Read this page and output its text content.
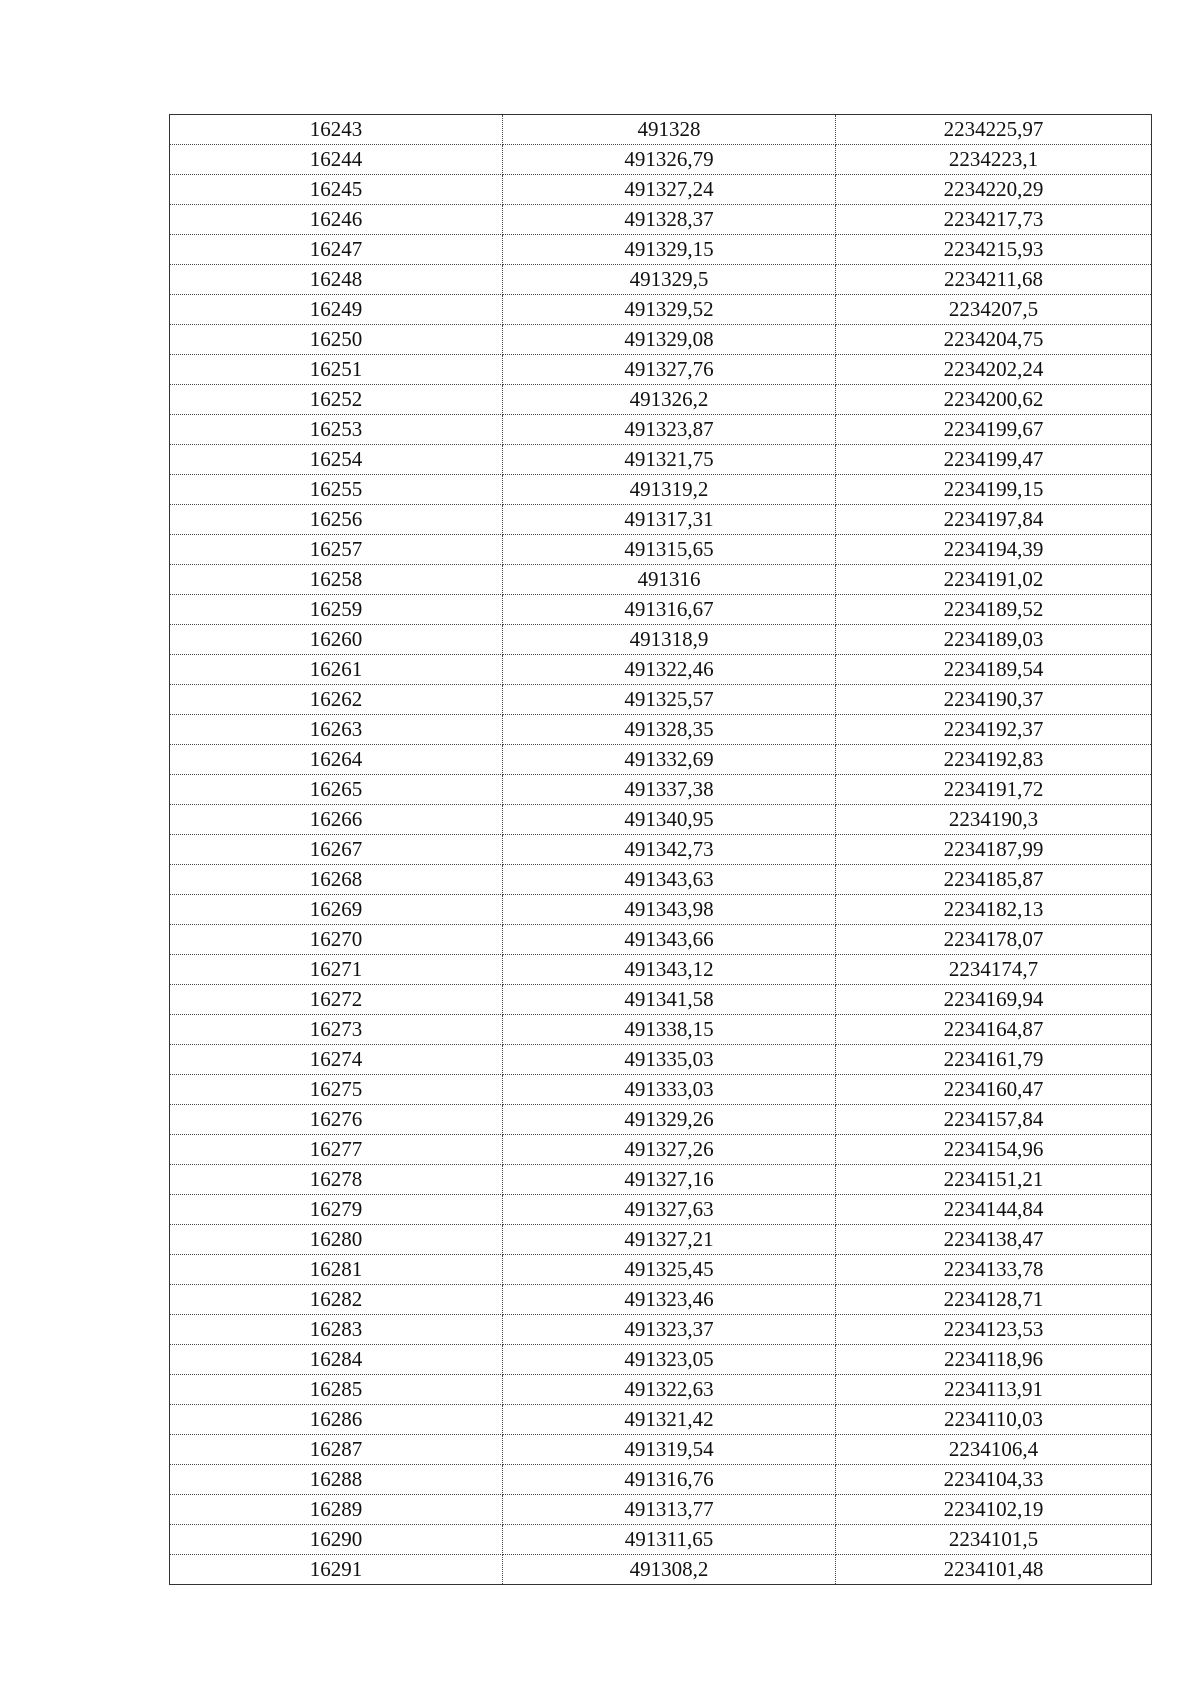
16243	491328	2234225,97
16244	491326,79	2234223,1
16245	491327,24	2234220,29
16246	491328,37	2234217,73
16247	491329,15	2234215,93
16248	491329,5	2234211,68
16249	491329,52	2234207,5
16250	491329,08	2234204,75
16251	491327,76	2234202,24
16252	491326,2	2234200,62
16253	491323,87	2234199,67
16254	491321,75	2234199,47
16255	491319,2	2234199,15
16256	491317,31	2234197,84
16257	491315,65	2234194,39
16258	491316	2234191,02
16259	491316,67	2234189,52
16260	491318,9	2234189,03
16261	491322,46	2234189,54
16262	491325,57	2234190,37
16263	491328,35	2234192,37
16264	491332,69	2234192,83
16265	491337,38	2234191,72
16266	491340,95	2234190,3
16267	491342,73	2234187,99
16268	491343,63	2234185,87
16269	491343,98	2234182,13
16270	491343,66	2234178,07
16271	491343,12	2234174,7
16272	491341,58	2234169,94
16273	491338,15	2234164,87
16274	491335,03	2234161,79
16275	491333,03	2234160,47
16276	491329,26	2234157,84
16277	491327,26	2234154,96
16278	491327,16	2234151,21
16279	491327,63	2234144,84
16280	491327,21	2234138,47
16281	491325,45	2234133,78
16282	491323,46	2234128,71
16283	491323,37	2234123,53
16284	491323,05	2234118,96
16285	491322,63	2234113,91
16286	491321,42	2234110,03
16287	491319,54	2234106,4
16288	491316,76	2234104,33
16289	491313,77	2234102,19
16290	491311,65	2234101,5
16291	491308,2	2234101,48
